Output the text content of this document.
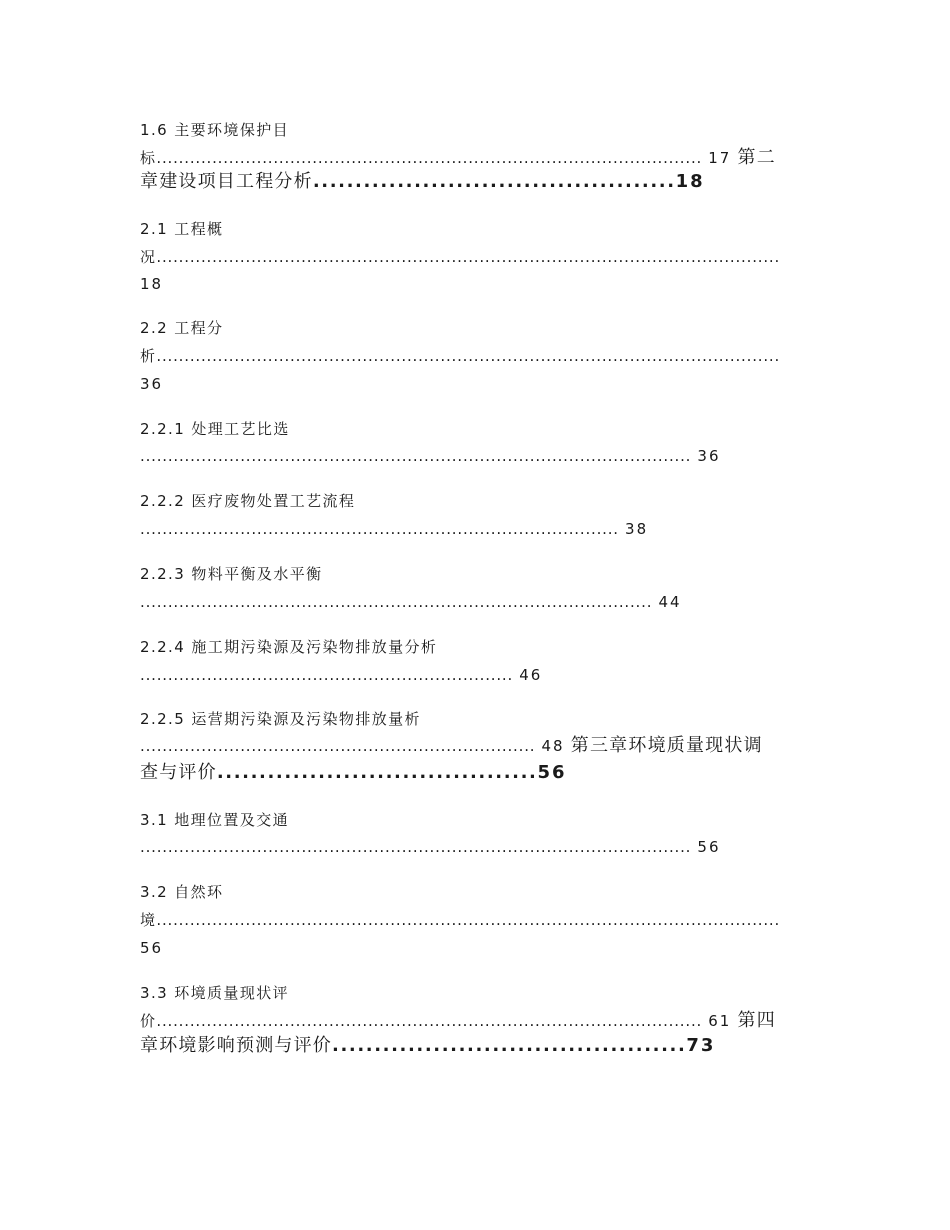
1.6 主要环境保护目
标.................................................................................................. 17 第二
章建设项目工程分析...........................................18
2.1 工程概
况................................................................................................................
18
2.2 工程分
析................................................................................................................
36
2.2.1 处理工艺比选
................................................................................................... 36
2.2.2 医疗废物处置工艺流程
...................................................................................... 38
2.2.3 物料平衡及水平衡
............................................................................................ 44
2.2.4 施工期污染源及污染物排放量分析
................................................................... 46
2.2.5 运营期污染源及污染物排放量析
....................................................................... 48 第三章环境质量现状调
查与评价......................................56
3.1 地理位置及交通
................................................................................................... 56
3.2 自然环
境................................................................................................................
56
3.3 环境质量现状评
价.................................................................................................. 61 第四
章环境影响预测与评价..........................................73
